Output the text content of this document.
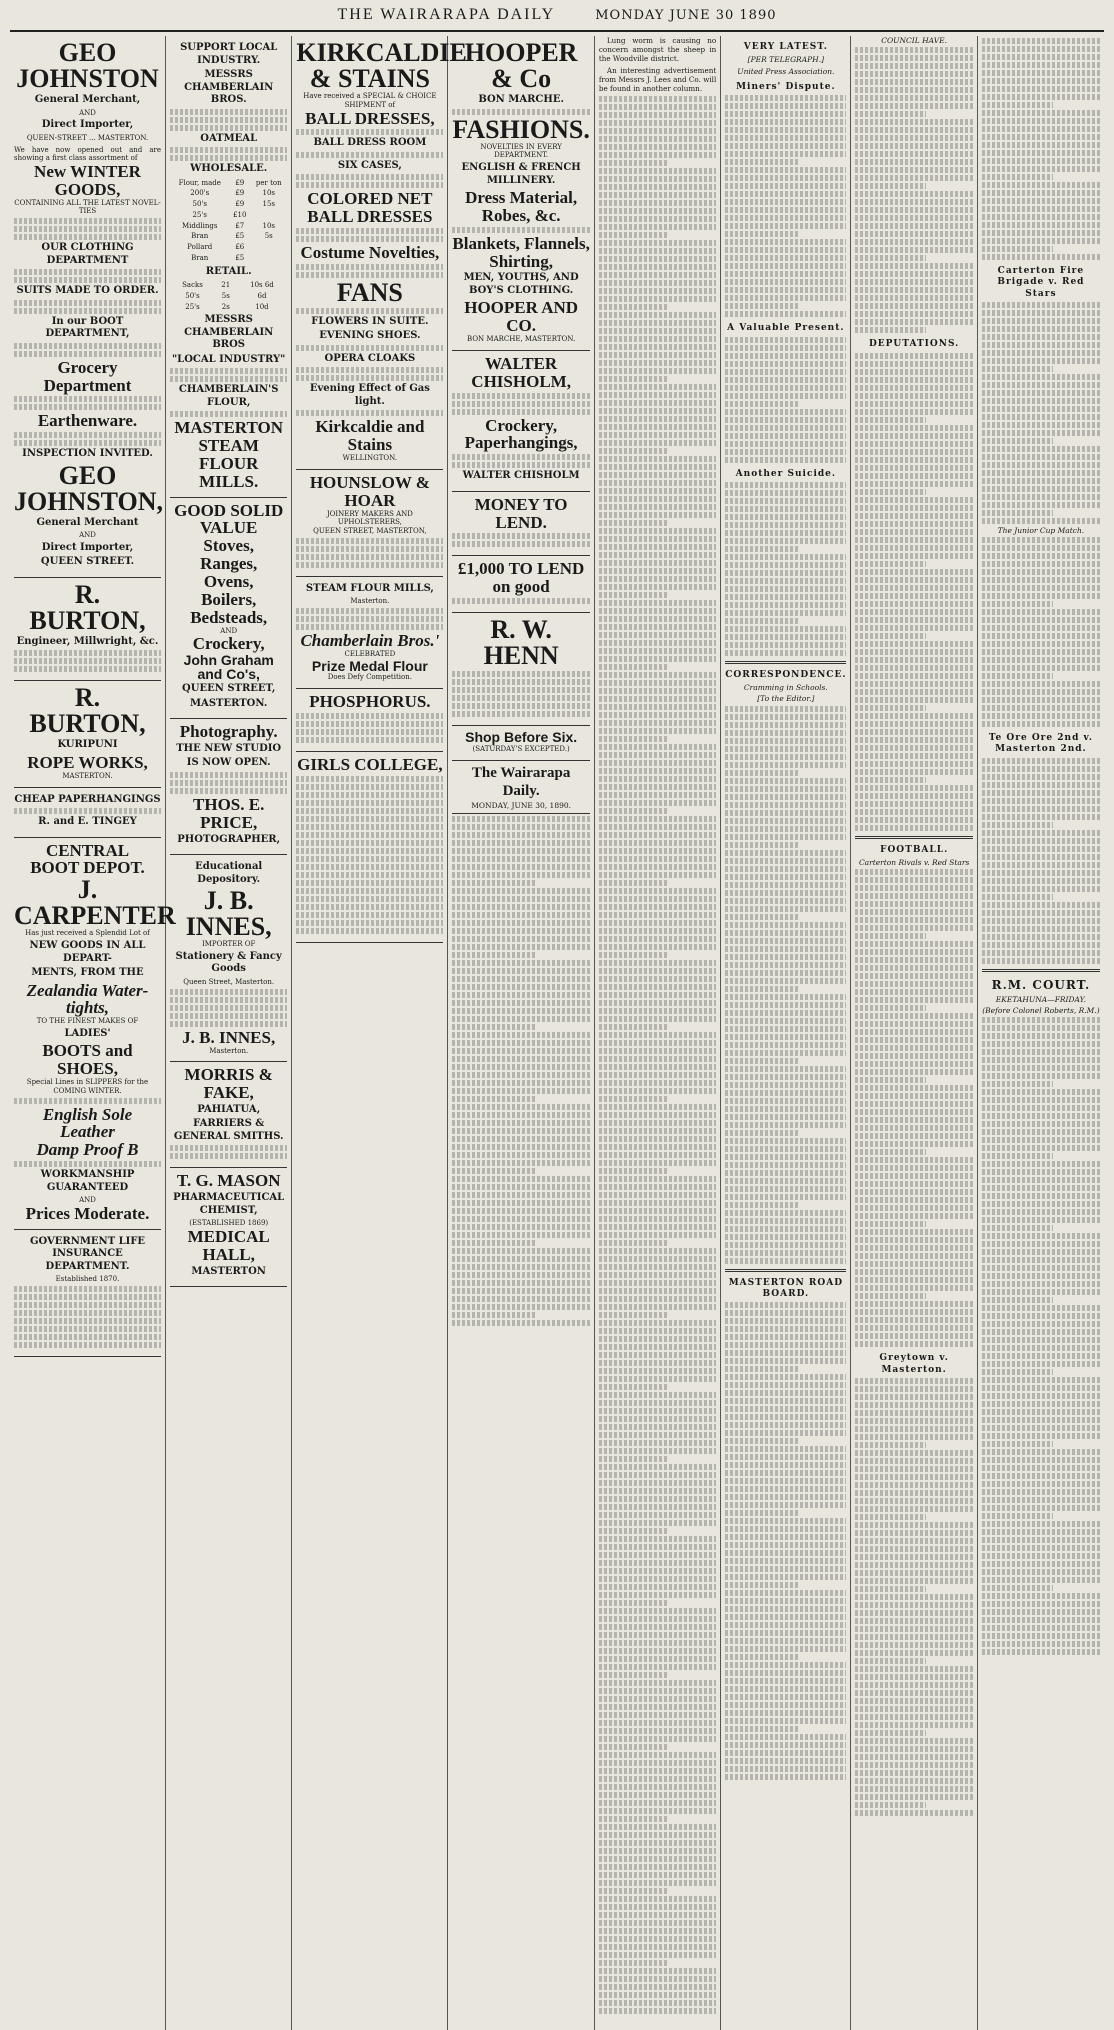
THE WAIRARAPA DAILY	MONDAY JUNE 30 1890
GEO JOHNSTON
General Merchant,
AND
Direct Importer,
QUEEN-STREET ... MASTERTON.
We have now opened out and are showing a first class assortment of
New WINTER GOODS,
CONTAINING ALL THE LATEST NOVEL-TIES
OUR CLOTHING DEPARTMENT
SUITS MADE TO ORDER.
In our BOOT DEPARTMENT,
Grocery Department
Earthenware.
INSPECTION INVITED.
GEO JOHNSTON,
General Merchant
AND
Direct Importer,
QUEEN STREET.
R. BURTON,
Engineer, Millwright, &c.
R. BURTON,
KURIPUNI
ROPE WORKS,
MASTERTON.
CHEAP PAPERHANGINGS
R. and E. TINGEY
CENTRAL
BOOT DEPOT.
J. CARPENTER
Has just received a Splendid Lot of
NEW GOODS IN ALL DEPART-
MENTS, FROM THE
Zealandia Water-
tights,
TO THE FINEST MAKES OF
LADIES'
BOOTS and SHOES,
Special Lines in SLIPPERS for the COMING WINTER.
English Sole Leather
Damp Proof B
WORKMANSHIP GUARANTEED
AND
Prices Moderate.
GOVERNMENT LIFE INSURANCE DEPARTMENT.
Established 1870.
SUPPORT LOCAL INDUSTRY.
MESSRS CHAMBERLAIN BROS.
OATMEAL
WHOLESALE.
Flour, made	£9	per ton
200's	£9	10s
50's	£9	15s
25's	£10	
Middlings	£7	10s
Bran	£5	5s
Pollard	£6	
Bran	£5	
RETAIL.
Sacks	21	10s 6d
50's	5s	6d
25's	2s	10d
MESSRS CHAMBERLAIN BROS
"LOCAL INDUSTRY"
CHAMBERLAIN'S FLOUR,
MASTERTON STEAM FLOUR MILLS.
GOOD SOLID VALUE
Stoves,
Ranges,
Ovens,
Boilers,
Bedsteads,
AND
Crockery,
John Graham and Co's,
QUEEN STREET,
MASTERTON.
Photography.
THE NEW STUDIO
IS NOW OPEN.
THOS. E. PRICE,
PHOTOGRAPHER,
Educational Depository.
J. B. INNES,
IMPORTER OF
Stationery & Fancy Goods
Queen Street, Masterton.
J. B. INNES,
Masterton.
MORRIS & FAKE,
PAHIATUA,
FARRIERS & GENERAL SMITHS.
T. G. MASON
PHARMACEUTICAL CHEMIST,
(ESTABLISHED 1869)
MEDICAL HALL,
MASTERTON
KIRKCALDIE & STAINS
Have received a SPECIAL & CHOICE SHIPMENT of
BALL DRESSES,
BALL DRESS ROOM
SIX CASES,
COLORED NET BALL DRESSES
Costume Novelties,
FANS
FLOWERS IN SUITE.
EVENING SHOES.
OPERA CLOAKS
Evening Effect of Gas light.
Kirkcaldie and Stains
WELLINGTON.
HOUNSLOW & HOAR
JOINERY MAKERS AND UPHOLSTERERS,
QUEEN STREET, MASTERTON,
STEAM FLOUR MILLS,
Masterton.
Chamberlain Bros.'
CELEBRATED
Prize Medal Flour
Does Defy Competition.
PHOSPHORUS.
GIRLS COLLEGE,
HOOPER & Co
BON MARCHE.
FASHIONS.
NOVELTIES IN EVERY DEPARTMENT.
ENGLISH & FRENCH MILLINERY.
Dress Material, Robes, &c.
Blankets, Flannels, Shirting,
MEN, YOUTHS, AND BOY'S CLOTHING.
HOOPER AND CO.
BON MARCHE, MASTERTON.
WALTER CHISHOLM,
Crockery, Paperhangings,
WALTER CHISHOLM
MONEY TO LEND.
£1,000 TO LEND on good
R. W. HENN
Shop Before Six.
(SATURDAY'S EXCEPTED.)
The Wairarapa Daily.
MONDAY, JUNE 30, 1890.

Lung worm is causing no concern amongst the sheep in the Woodville district.

An interesting advertisement from Messrs J. Lees and Co. will be found in another column.

VERY LATEST.
[PER TELEGRAPH.]
United Press Association.
Miners' Dispute.
A Valuable Present.
Another Suicide.
CORRESPONDENCE.
Cramming in Schools.
[To the Editor.]
MASTERTON ROAD BOARD.
COUNCIL HAVE.
DEPUTATIONS.
FOOTBALL.
Carterton Rivals v. Red Stars
Greytown v. Masterton.
Carterton Fire Brigade v. Red Stars
The Junior Cup Match.
Te Ore Ore 2nd v. Masterton 2nd.
R.M. COURT.
EKETAHUNA—FRIDAY.
(Before Colonel Roberts, R.M.)
